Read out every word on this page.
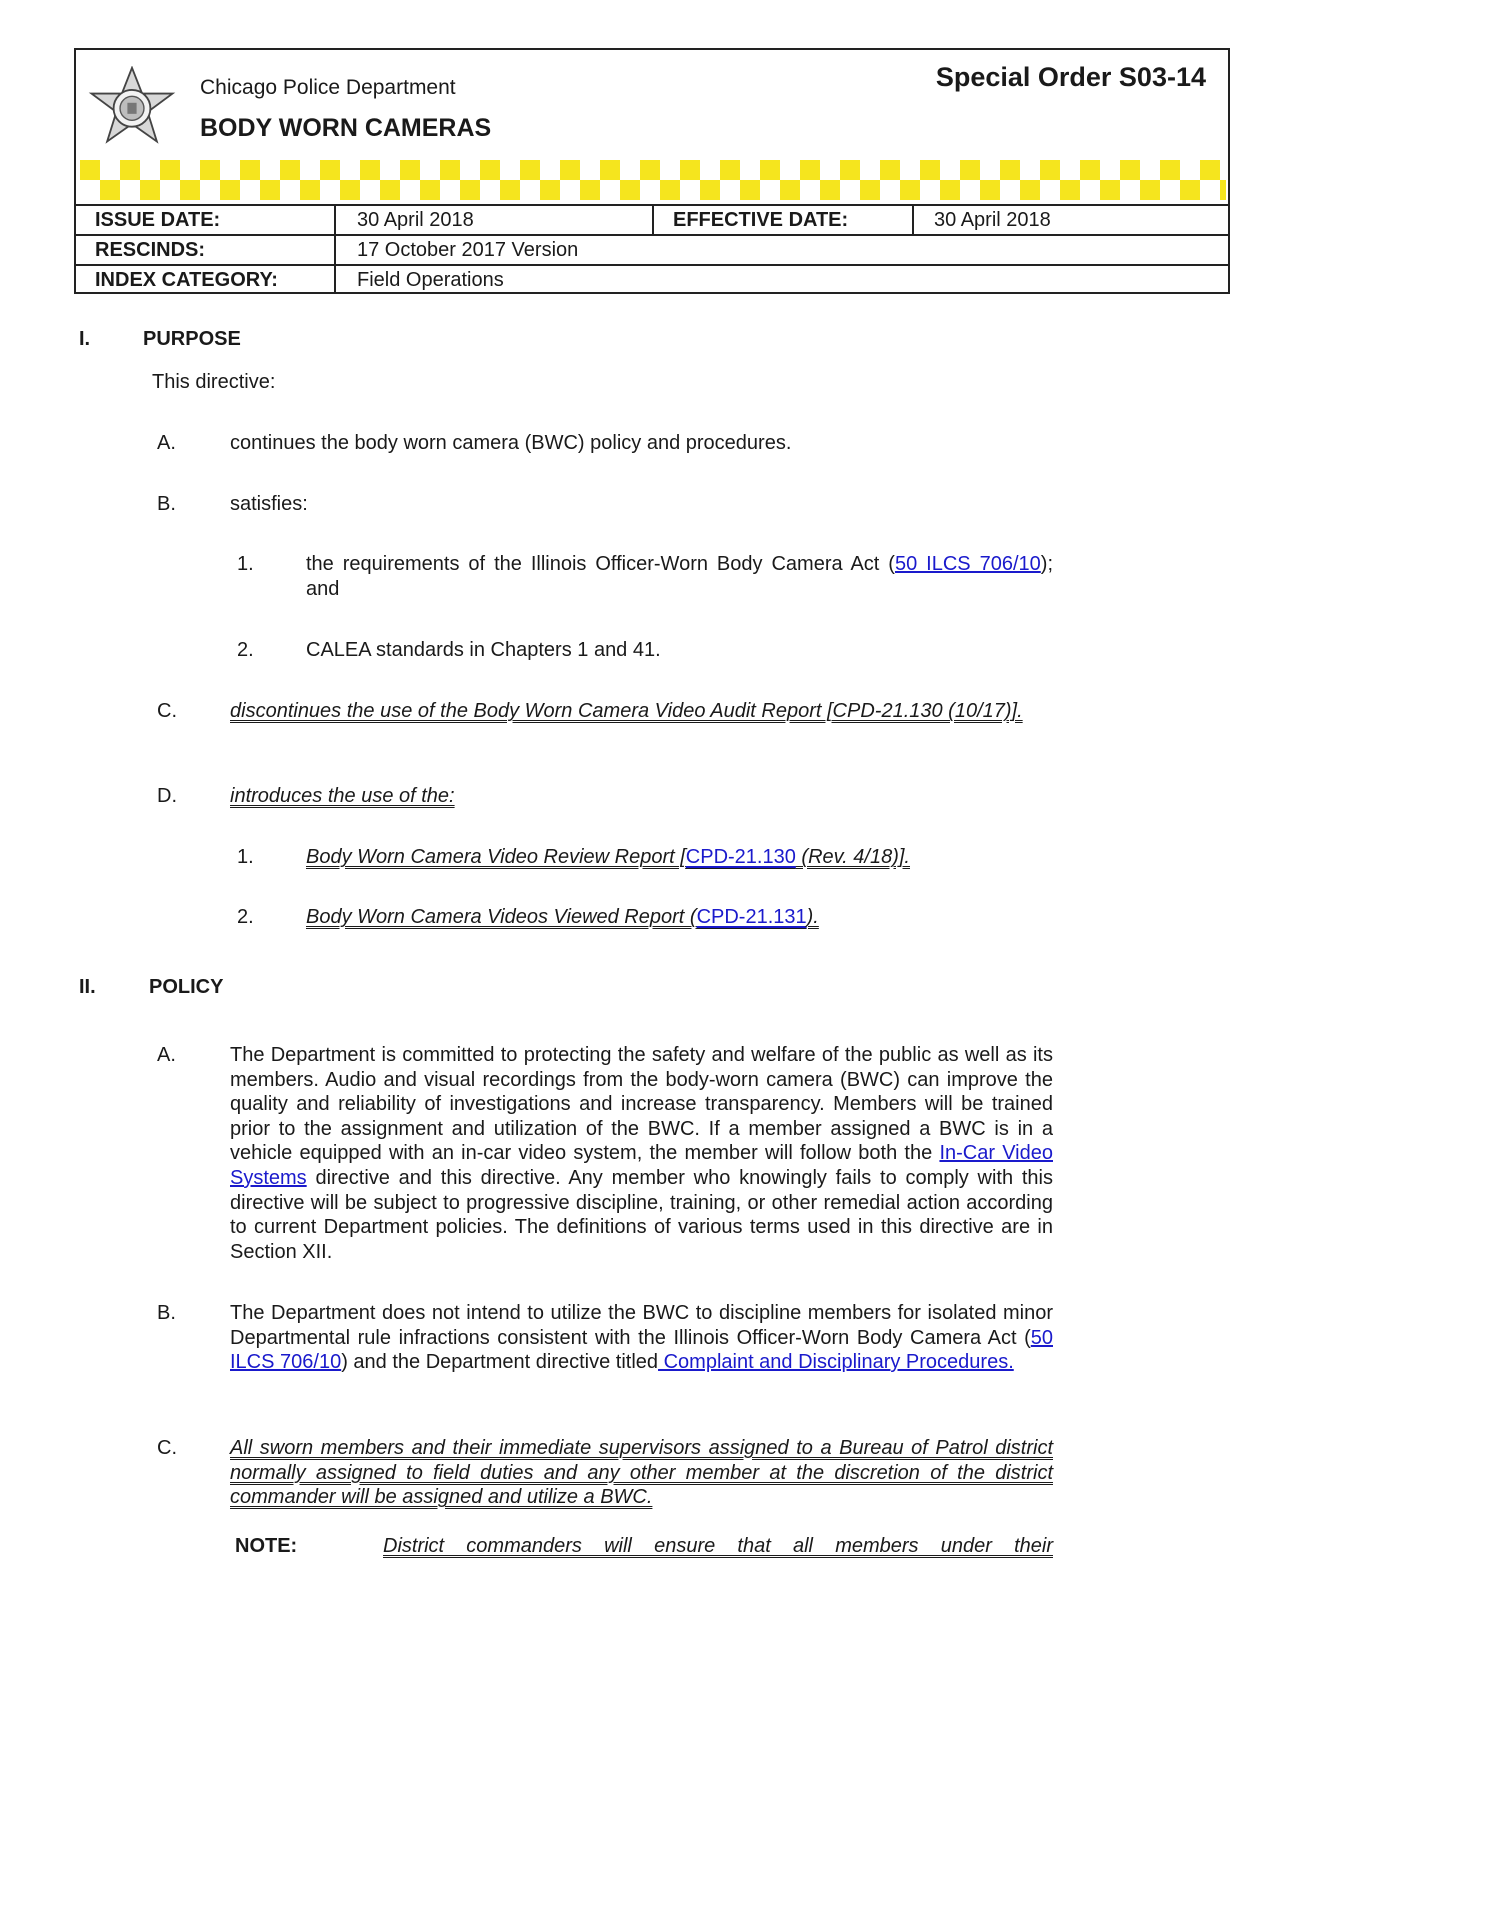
Chicago Police Department
BODY WORN CAMERAS
Special Order S03-14
ISSUE DATE:	30 April 2018	EFFECTIVE DATE:	30 April 2018
RESCINDS:	17 October 2017 Version
INDEX CATEGORY:	Field Operations
I.	PURPOSE
This directive:
A.	continues the body worn camera (BWC) policy and procedures.
B.	satisfies:
1.	the requirements of the Illinois Officer-Worn Body Camera Act (50 ILCS 706/10); and
2.	CALEA standards in Chapters 1 and 41.
C.	discontinues the use of the Body Worn Camera Video Audit Report [CPD-21.130 (10/17)].
D.	introduces the use of the:
1.	Body Worn Camera Video Review Report [CPD-21.130 (Rev. 4/18)].
2.	Body Worn Camera Videos Viewed Report (CPD-21.131).
II.	POLICY
A.	The Department is committed to protecting the safety and welfare of the public as well as its members. Audio and visual recordings from the body-worn camera (BWC) can improve the quality and reliability of investigations and increase transparency. Members will be trained prior to the assignment and utilization of the BWC. If a member assigned a BWC is in a vehicle equipped with an in-car video system, the member will follow both the In-Car Video Systems directive and this directive. Any member who knowingly fails to comply with this directive will be subject to progressive discipline, training, or other remedial action according to current Department policies. The definitions of various terms used in this directive are in Section XII.
B.	The Department does not intend to utilize the BWC to discipline members for isolated minor Departmental rule infractions consistent with the Illinois Officer-Worn Body Camera Act (50 ILCS 706/10) and the Department directive titled Complaint and Disciplinary Procedures.
C.	All sworn members and their immediate supervisors assigned to a Bureau of Patrol district normally assigned to field duties and any other member at the discretion of the district commander will be assigned and utilize a BWC.
NOTE:	District commanders will ensure that all members under their
